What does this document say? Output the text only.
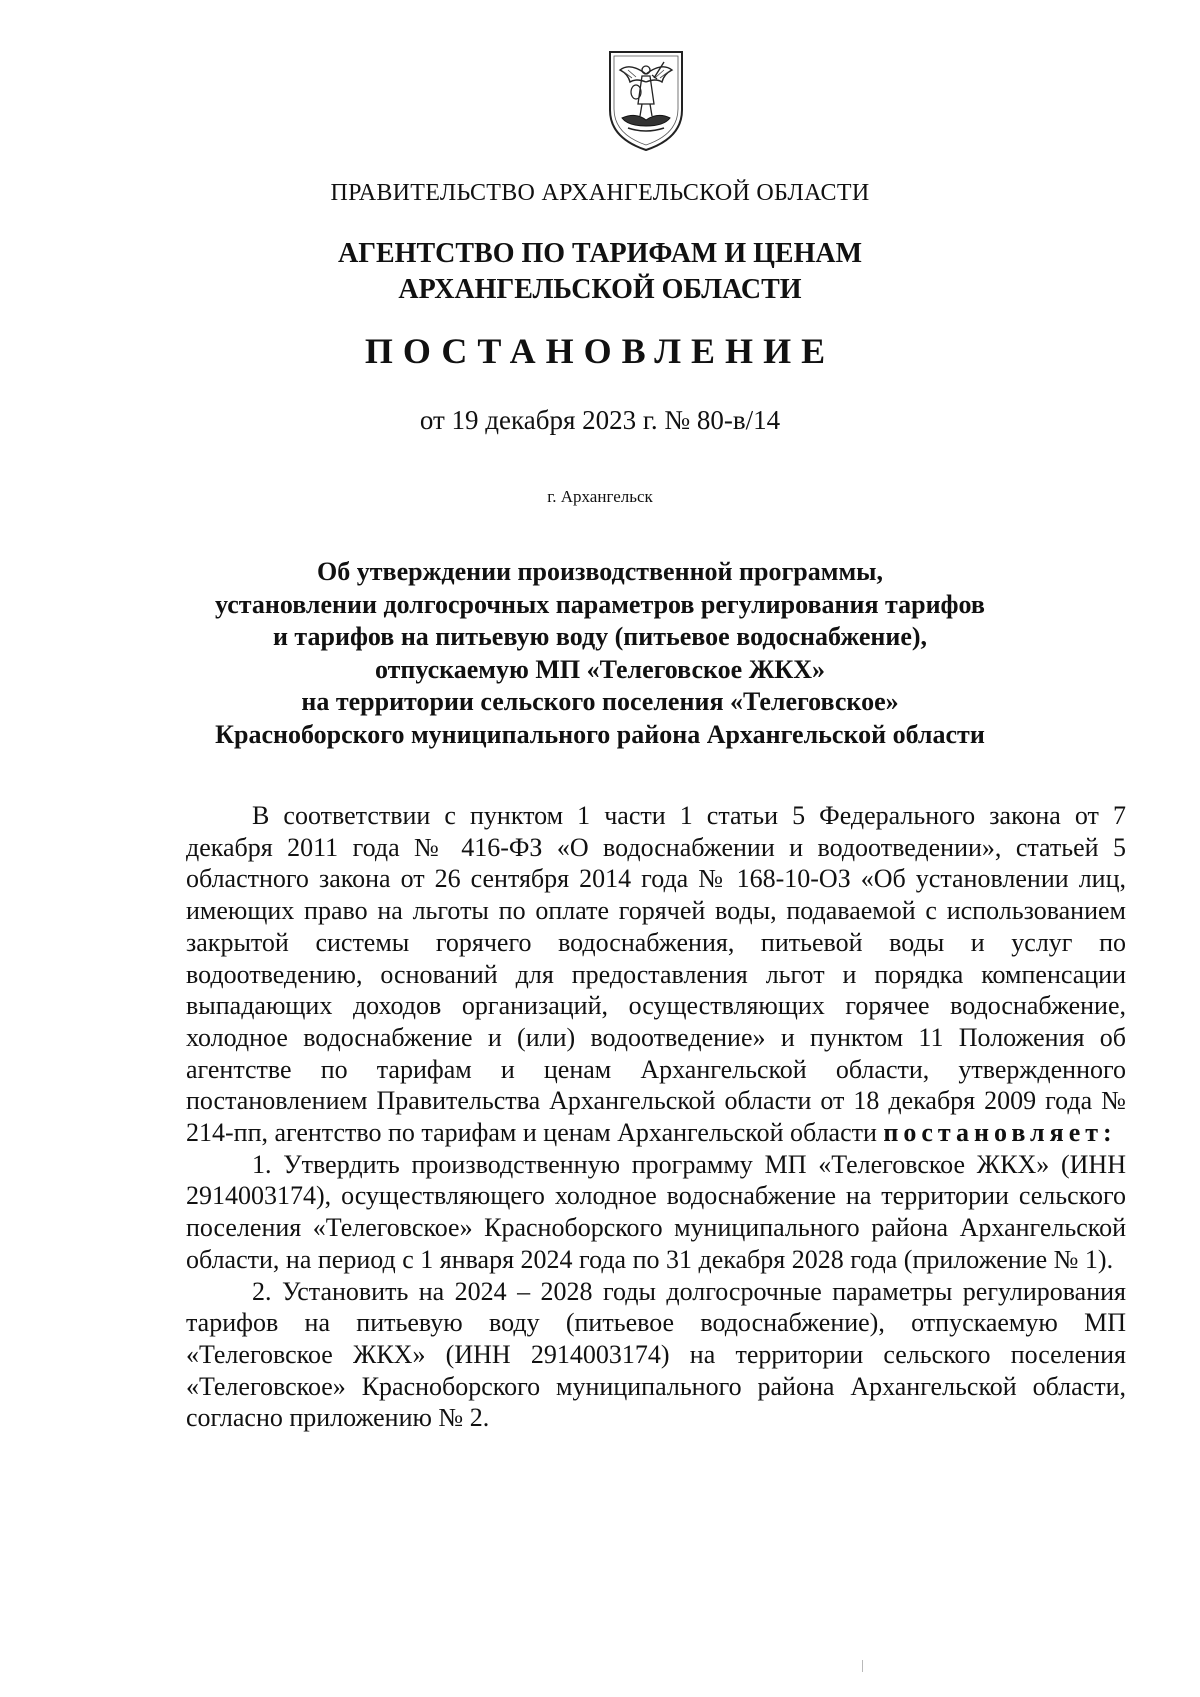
ПРАВИТЕЛЬСТВО АРХАНГЕЛЬСКОЙ ОБЛАСТИ
АГЕНТСТВО ПО ТАРИФАМ И ЦЕНАМ
АРХАНГЕЛЬСКОЙ ОБЛАСТИ
ПОСТАНОВЛЕНИЕ
от 19 декабря 2023 г. № 80-в/14
г. Архангельск
Об утверждении производственной программы,
установлении долгосрочных параметров регулирования тарифов
и тарифов на питьевую воду (питьевое водоснабжение),
отпускаемую МП «Телеговское ЖКХ»
на территории сельского поселения «Телеговское»
Красноборского муниципального района Архангельской области

В соответствии с пунктом 1 части 1 статьи 5 Федерального закона от 7 декабря 2011 года № 416-ФЗ «О водоснабжении и водоотведении», статьей 5 областного закона от 26 сентября 2014 года № 168-10-ОЗ «Об установлении лиц, имеющих право на льготы по оплате горячей воды, подаваемой с использованием закрытой системы горячего водоснабжения, питьевой воды и услуг по водоотведению, оснований для предоставления льгот и порядка компенсации выпадающих доходов организаций, осуществляющих горячее водоснабжение, холодное водоснабжение и (или) водоотведение» и пунктом 11 Положения об агентстве по тарифам и ценам Архангельской области, утвержденного постановлением Правительства Архангельской области от 18 декабря 2009 года № 214-пп, агентство по тарифам и ценам Архангельской области постановляет:

1. Утвердить производственную программу МП «Телеговское ЖКХ» (ИНН 2914003174), осуществляющего холодное водоснабжение на территории сельского поселения «Телеговское» Красноборского муниципального района Архангельской области, на период с 1 января 2024 года по 31 декабря 2028 года (приложение № 1).

2. Установить на 2024 – 2028 годы долгосрочные параметры регулирования тарифов на питьевую воду (питьевое водоснабжение), отпускаемую МП «Телеговское ЖКХ» (ИНН 2914003174) на территории сельского поселения «Телеговское» Красноборского муниципального района Архангельской области, согласно приложению № 2.
